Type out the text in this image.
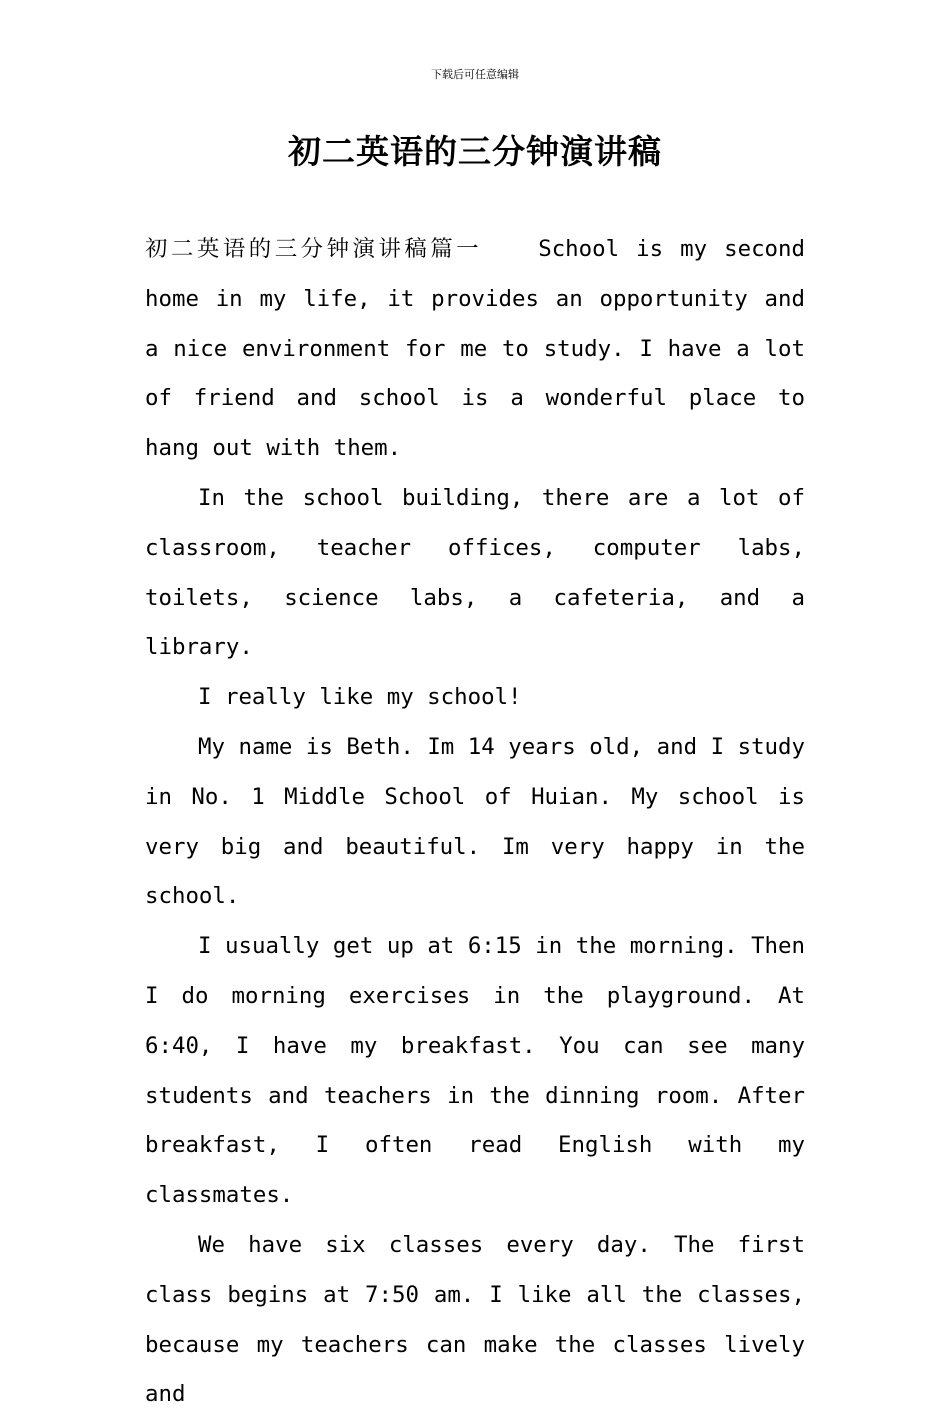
下载后可任意编辑
初二英语的三分钟演讲稿

初二英语的三分钟演讲稿篇一	School is my second home in my life, it provides an opportunity and a nice environment for me to study. I have a lot of friend and school is a wonderful place to hang out with them.

In the school building, there are a lot of classroom, teacher offices, computer labs, toilets, science labs, a cafeteria, and a library.

I really like my school!

My name is Beth. Im 14 years old, and I study in No. 1 Middle School of Huian. My school is very big and beautiful. Im very happy in the school.

I usually get up at 6:15 in the morning. Then I do morning exercises in the playground. At 6:40, I have my breakfast. You can see many students and teachers in the dinning room. After breakfast, I often read English with my classmates.

We have six classes every day. The first class begins at 7:50 am. I like all the classes, because my teachers can make the classes lively and
